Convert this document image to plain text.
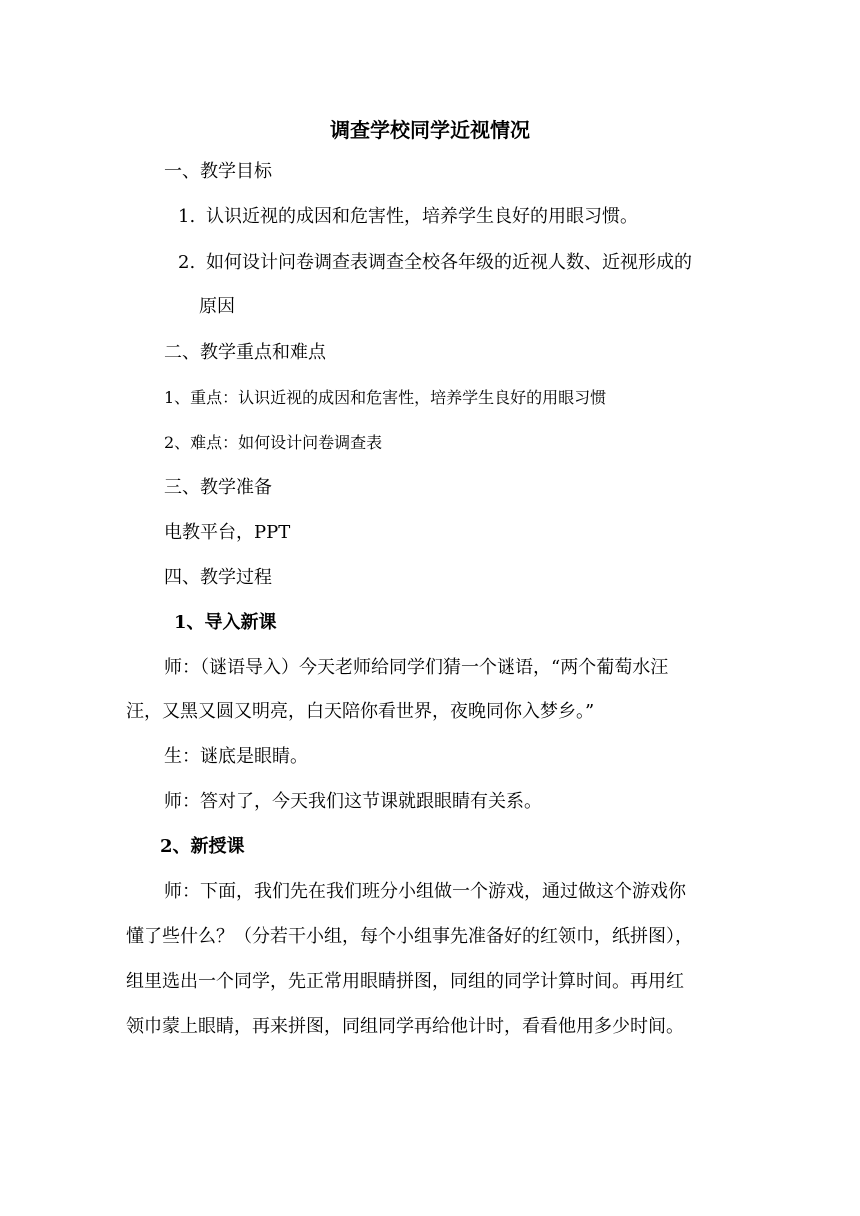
调查学校同学近视情况
一、教学目标
1. 认识近视的成因和危害性，培养学生良好的用眼习惯。
2. 如何设计问卷调查表调查全校各年级的近视人数、近视形成的
原因
二、教学重点和难点
1、重点：认识近视的成因和危害性，培养学生良好的用眼习惯
2、难点：如何设计问卷调查表
三、教学准备
电教平台，PPT
四、教学过程
1、导入新课
师：（谜语导入）今天老师给同学们猜一个谜语，“两个葡萄水汪
汪，又黑又圆又明亮，白天陪你看世界，夜晚同你入梦乡。”
生：谜底是眼睛。
师：答对了，今天我们这节课就跟眼睛有关系。
2、新授课
师：下面，我们先在我们班分小组做一个游戏，通过做这个游戏你
懂了些什么？（分若干小组，每个小组事先准备好的红领巾，纸拼图），
组里选出一个同学，先正常用眼睛拼图，同组的同学计算时间。再用红
领巾蒙上眼睛，再来拼图，同组同学再给他计时，看看他用多少时间。
